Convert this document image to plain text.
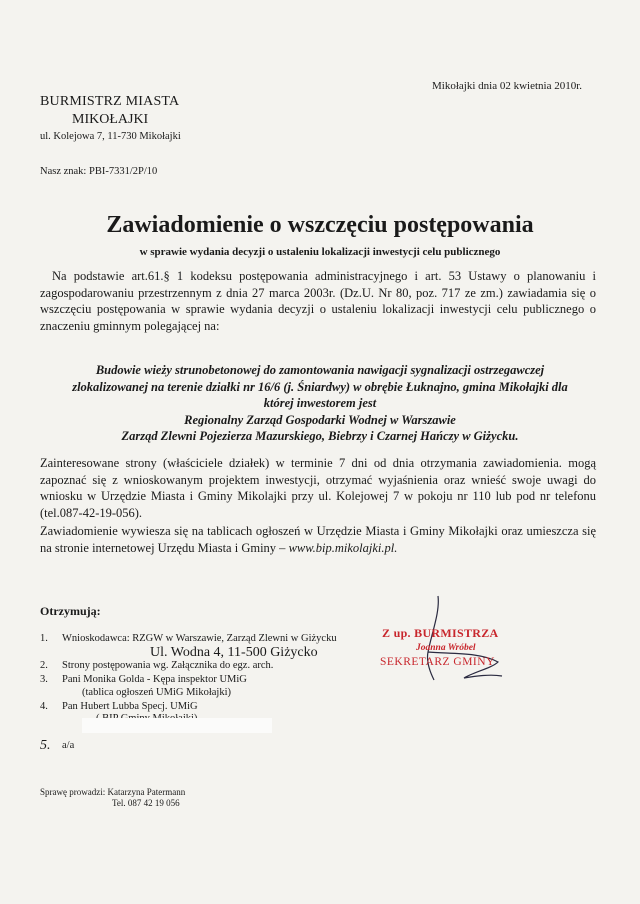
Mikołajki dnia 02 kwietnia 2010r.
BURMISTRZ MIASTA
MIKOŁAJKI
ul. Kolejowa 7, 11-730 Mikołajki
Nasz znak: PBI-7331/2P/10
Zawiadomienie o wszczęciu postępowania
w sprawie wydania decyzji o ustaleniu lokalizacji inwestycji celu publicznego
Na podstawie art.61.§ 1 kodeksu postępowania administracyjnego i art. 53 Ustawy o planowaniu i zagospodarowaniu przestrzennym z dnia 27 marca 2003r. (Dz.U. Nr 80, poz. 717 ze zm.) zawiadamia się o wszczęciu postępowania w sprawie wydania decyzji o ustaleniu lokalizacji inwestycji celu publicznego o znaczeniu gminnym polegającej na:
Budowie wieży strunobetonowej do zamontowania nawigacji sygnalizacji ostrzegawczej
zlokalizowanej na terenie działki nr 16/6 (j. Śniardwy) w obrębie Łuknajno, gmina Mikołajki dla
której inwestorem jest
Regionalny Zarząd Gospodarki Wodnej w Warszawie
Zarząd Zlewni Pojezierza Mazurskiego, Biebrzy i Czarnej Hańczy w Giżycku.
Zainteresowane strony (właściciele działek) w terminie 7 dni od dnia otrzymania zawiadomienia. mogą zapoznać się z wnioskowanym projektem inwestycji, otrzymać wyjaśnienia oraz wnieść swoje uwagi do wniosku w Urzędzie Miasta i Gminy Mikolajki przy ul. Kolejowej 7 w pokoju nr 110 lub pod nr telefonu (tel.087-42-19-056).
Zawiadomienie wywiesza się na tablicach ogłoszeń w Urzędzie Miasta i Gminy Mikołajki oraz umieszcza się na stronie internetowej Urzędu Miasta i Gminy – www.bip.mikolajki.pl.
Otrzymują:
1. Wnioskodawca: RZGW w Warszawie, Zarząd Zlewni w Giżycku
Ul. Wodna 4, 11-500 Giżycko
2. Strony postępowania wg. Załącznika do egz. arch.
3. Pani Monika Golda - Kępa inspektor UMiG
(tablica ogłoszeń UMiG Mikołajki)
4. Pan Hubert Lubba Specj. UMiG
5. a/a
Z up. BURMISTRZA
Joanna Wróbel
SEKRETARZ GMINY
Sprawę prowadzi: Katarzyna Patermann
Tel. 087 42 19 056
